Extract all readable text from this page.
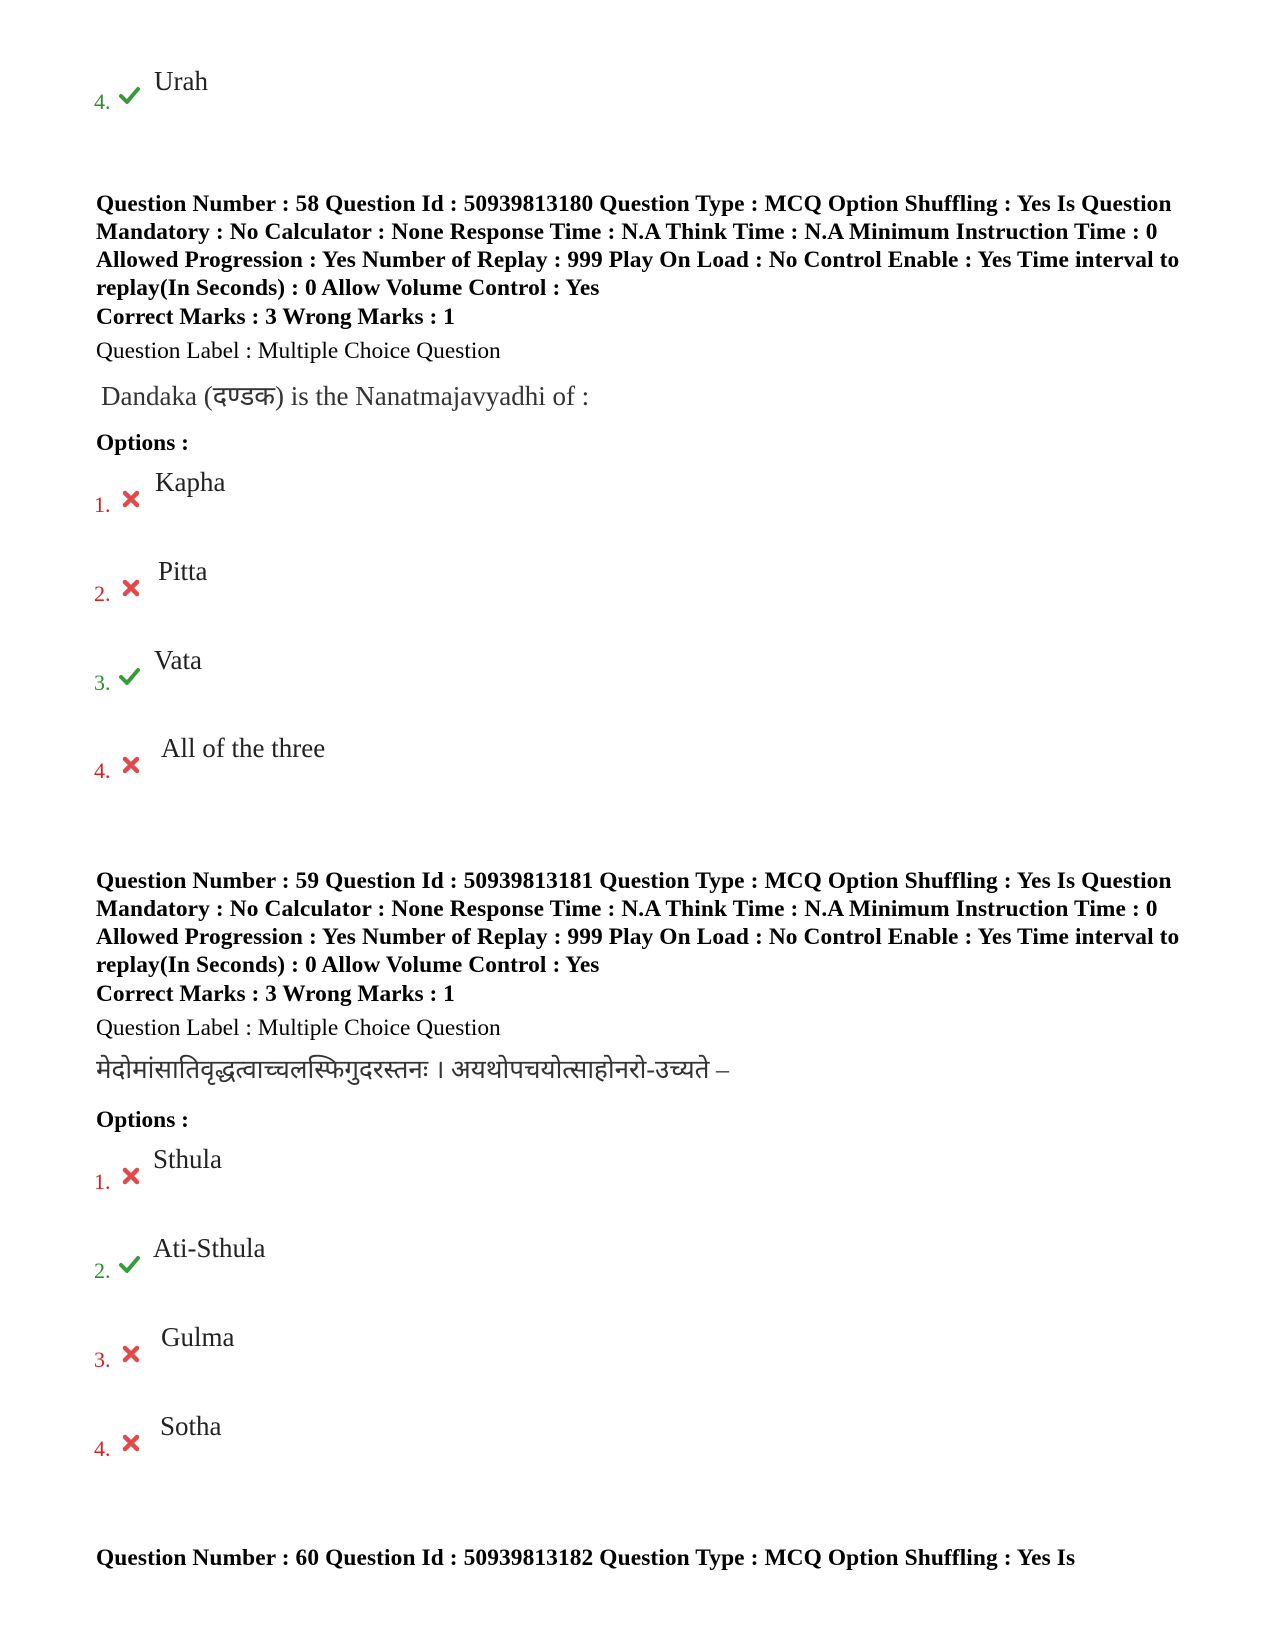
4.
Urah
Question Number : 58 Question Id : 50939813180 Question Type : MCQ Option Shuffling : Yes Is Question Mandatory : No Calculator : None Response Time : N.A Think Time : N.A Minimum Instruction Time : 0 Allowed Progression : Yes Number of Replay : 999 Play On Load : No Control Enable : Yes Time interval to replay(In Seconds) : 0 Allow Volume Control : Yes
Correct Marks : 3 Wrong Marks : 1
Question Label : Multiple Choice Question
Dandaka (दण्डक) is the Nanatmajavyadhi of :
Options :
1.
Kapha
2.
Pitta
3.
Vata
4.
All of the three
Question Number : 59 Question Id : 50939813181 Question Type : MCQ Option Shuffling : Yes Is Question Mandatory : No Calculator : None Response Time : N.A Think Time : N.A Minimum Instruction Time : 0 Allowed Progression : Yes Number of Replay : 999 Play On Load : No Control Enable : Yes Time interval to replay(In Seconds) : 0 Allow Volume Control : Yes
Correct Marks : 3 Wrong Marks : 1
Question Label : Multiple Choice Question
मेदोमांसातिवृद्धत्वाच्चलस्फिगुदरस्तनः । अयथोपचयोत्साहोनरो-उच्यते –
Options :
1.
Sthula
2.
Ati-Sthula
3.
Gulma
4.
Sotha
Question Number : 60 Question Id : 50939813182 Question Type : MCQ Option Shuffling : Yes Is
